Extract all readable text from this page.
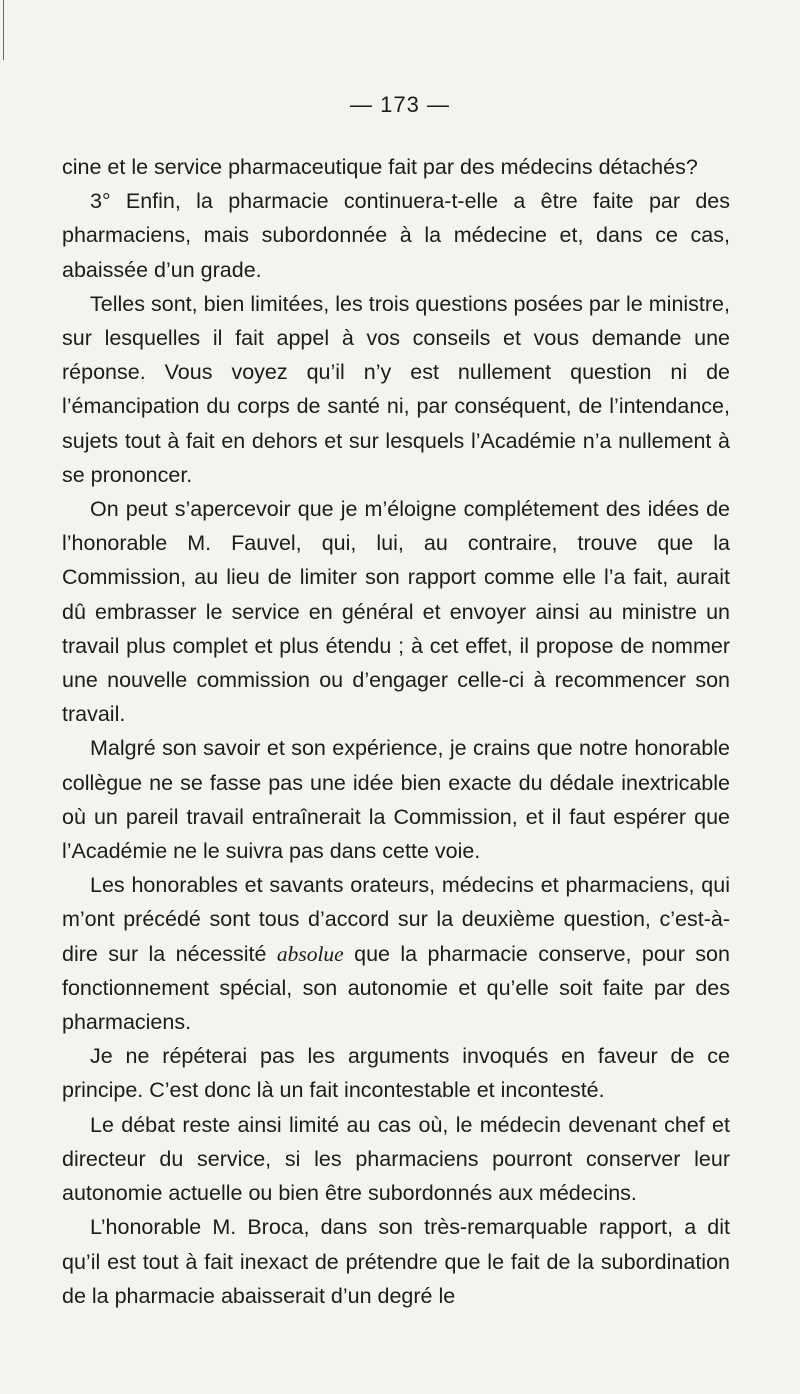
— 173 —

cine et le service pharmaceutique fait par des médecins détachés?

3° Enfin, la pharmacie continuera-t-elle a être faite par des pharmaciens, mais subordonnée à la médecine et, dans ce cas, abaissée d’un grade.

Telles sont, bien limitées, les trois questions posées par le ministre, sur lesquelles il fait appel à vos conseils et vous demande une réponse. Vous voyez qu’il n’y est nullement question ni de l’émancipation du corps de santé ni, par conséquent, de l’intendance, sujets tout à fait en dehors et sur lesquels l’Académie n’a nullement à se prononcer.

On peut s’apercevoir que je m’éloigne complétement des idées de l’honorable M. Fauvel, qui, lui, au contraire, trouve que la Commission, au lieu de limiter son rapport comme elle l’a fait, aurait dû embrasser le service en général et envoyer ainsi au ministre un travail plus complet et plus étendu ; à cet effet, il propose de nommer une nouvelle commission ou d’engager celle-ci à recommencer son travail.

Malgré son savoir et son expérience, je crains que notre honorable collègue ne se fasse pas une idée bien exacte du dédale inextricable où un pareil travail entraînerait la Commission, et il faut espérer que l’Académie ne le suivra pas dans cette voie.

Les honorables et savants orateurs, médecins et pharmaciens, qui m’ont précédé sont tous d’accord sur la deuxième question, c’est-à-dire sur la nécessité absolue que la pharmacie conserve, pour son fonctionnement spécial, son autonomie et qu’elle soit faite par des pharmaciens.

Je ne répéterai pas les arguments invoqués en faveur de ce principe. C’est donc là un fait incontestable et incontesté.

Le débat reste ainsi limité au cas où, le médecin devenant chef et directeur du service, si les pharmaciens pourront conserver leur autonomie actuelle ou bien être subordonnés aux médecins.

L’honorable M. Broca, dans son très-remarquable rapport, a dit qu’il est tout à fait inexact de prétendre que le fait de la subordination de la pharmacie abaisserait d’un degré le
